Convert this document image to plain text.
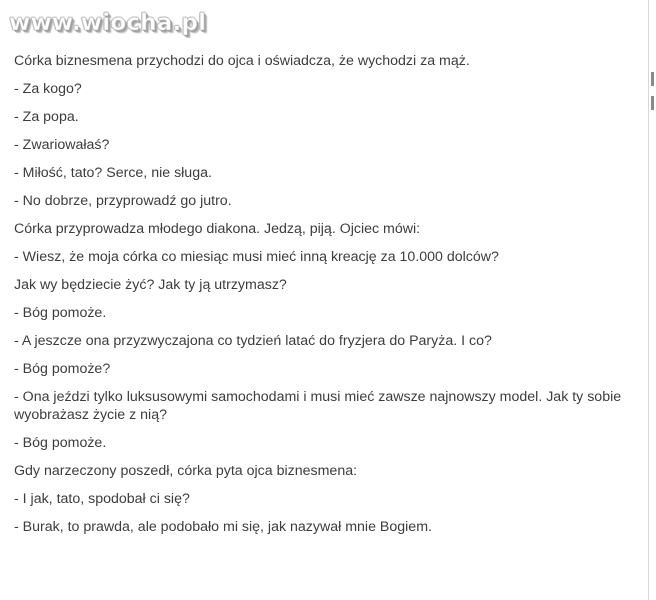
www.wiocha.pl

Córka biznesmena przychodzi do ojca i oświadcza, że wychodzi za mąż.

- Za kogo?

- Za popa.

- Zwariowałaś?

- Miłość, tato? Serce, nie sługa.

- No dobrze, przyprowadź go jutro.

Córka przyprowadza młodego diakona. Jedzą, piją. Ojciec mówi:

- Wiesz, że moja córka co miesiąc musi mieć inną kreację za 10.000 dolców?

Jak wy będziecie żyć? Jak ty ją utrzymasz?

- Bóg pomoże.

- A jeszcze ona przyzwyczajona co tydzień latać do fryzjera do Paryża. I co?

- Bóg pomoże?

- Ona jeździ tylko luksusowymi samochodami i musi mieć zawsze najnowszy model. Jak ty sobie
wyobrażasz życie z nią?

- Bóg pomoże.

Gdy narzeczony poszedł, córka pyta ojca biznesmena:

- I jak, tato, spodobał ci się?

- Burak, to prawda, ale podobało mi się, jak nazywał mnie Bogiem.
